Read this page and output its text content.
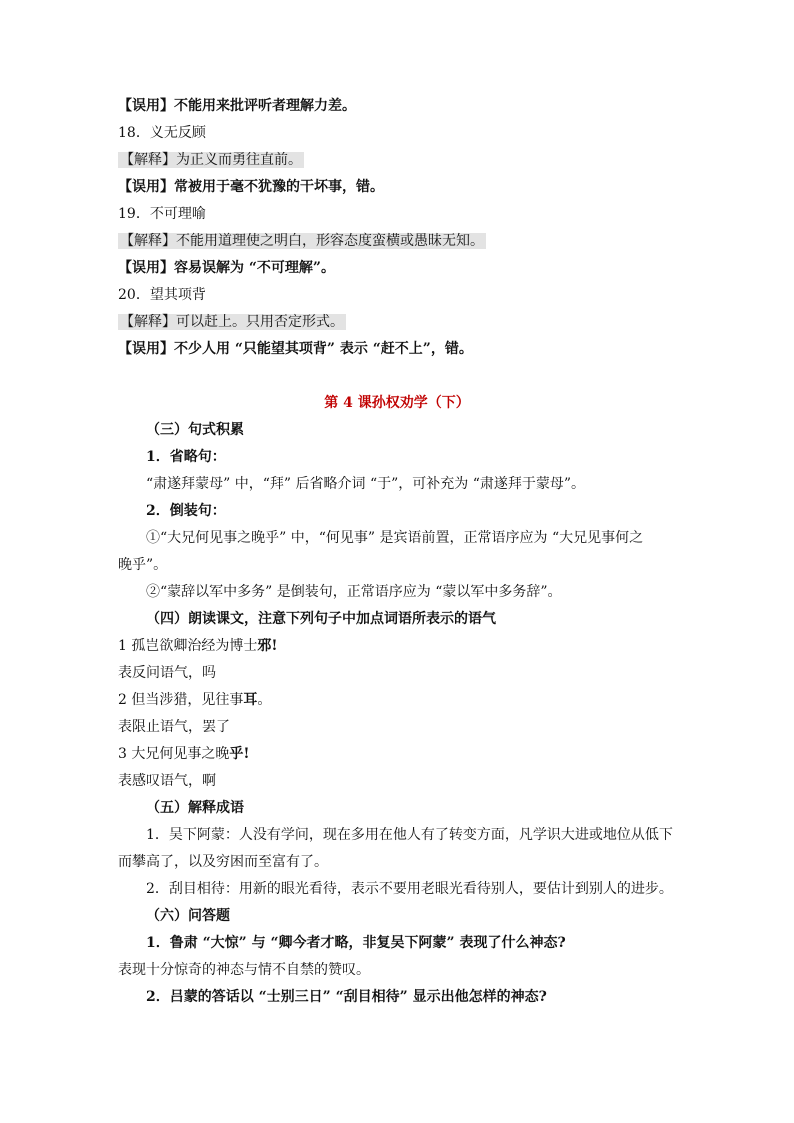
【误用】不能用来批评听者理解力差。
18．义无反顾
【解释】为正义而勇往直前。
【误用】常被用于毫不犹豫的干坏事，错。
19．不可理喻
【解释】不能用道理使之明白，形容态度蛮横或愚昧无知。
【误用】容易误解为 “不可理解”。
20．望其项背
【解释】可以赶上。只用否定形式。
【误用】不少人用 “只能望其项背” 表示 “赶不上”，错。
第 4 课孙权劝学（下）
（三）句式积累
1．省略句：
“肃遂拜蒙母” 中，“拜” 后省略介词 “于”，可补充为 “肃遂拜于蒙母”。
2．倒装句：
①“大兄何见事之晚乎” 中，“何见事” 是宾语前置，正常语序应为 “大兄见事何之
晚乎”。
②“蒙辞以军中多务” 是倒装句，正常语序应为 “蒙以军中多务辞”。
（四）朗读课文，注意下列句子中加点词语所表示的语气
1 孤岂欲卿治经为博士邪!
表反问语气，吗
2 但当涉猎，见往事耳。
表限止语气，罢了
3 大兄何见事之晚乎!
表感叹语气，啊
（五）解释成语
1．吴下阿蒙：人没有学问，现在多用在他人有了转变方面，凡学识大进或地位从低下
而攀高了，以及穷困而至富有了。
2．刮目相待：用新的眼光看待，表示不要用老眼光看待别人，要估计到别人的进步。
（六）问答题
1．鲁肃 “大惊” 与 “卿今者才略，非复吴下阿蒙” 表现了什么神态?
表现十分惊奇的神态与情不自禁的赞叹。
2．吕蒙的答话以 “士别三日” “刮目相待” 显示出他怎样的神态?
